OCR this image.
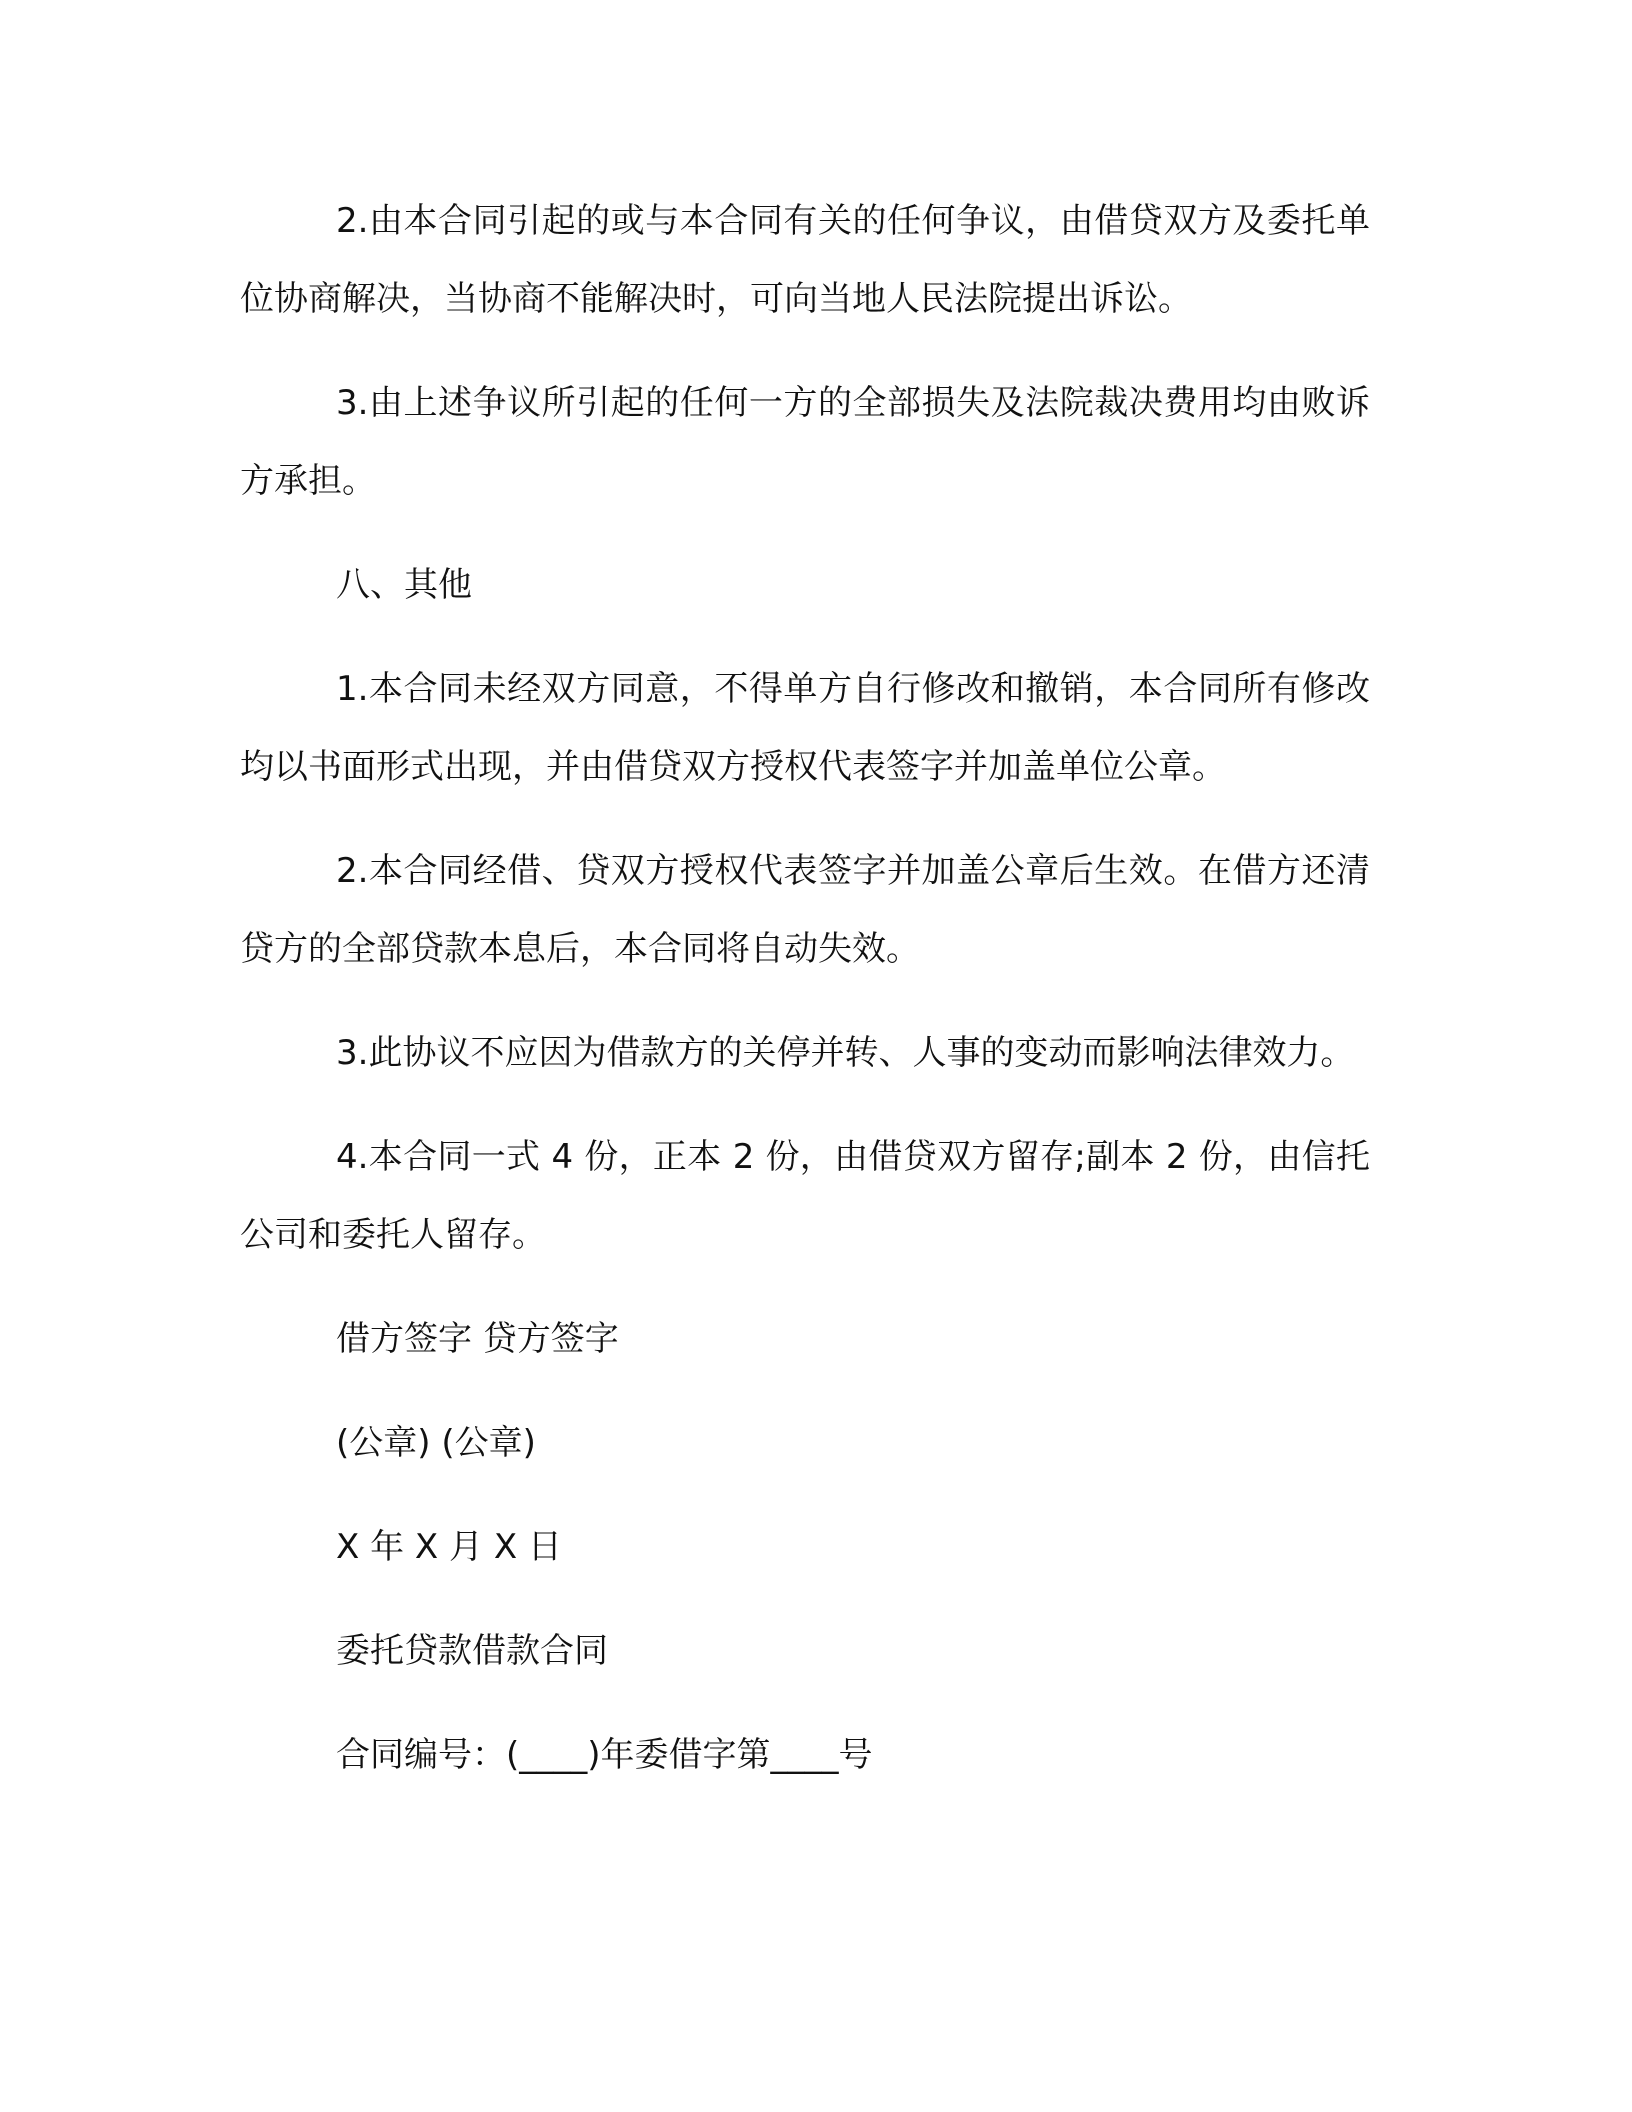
2.由本合同引起的或与本合同有关的任何争议，由借贷双方及委托单位协商解决，当协商不能解决时，可向当地人民法院提出诉讼。

3.由上述争议所引起的任何一方的全部损失及法院裁决费用均由败诉方承担。

八、其他

1.本合同未经双方同意，不得单方自行修改和撤销，本合同所有修改均以书面形式出现，并由借贷双方授权代表签字并加盖单位公章。

2.本合同经借、贷双方授权代表签字并加盖公章后生效。在借方还清贷方的全部贷款本息后，本合同将自动失效。

3.此协议不应因为借款方的关停并转、人事的变动而影响法律效力。

4.本合同一式 4 份，正本 2 份，由借贷双方留存;副本 2 份，由信托公司和委托人留存。

借方签字 贷方签字

(公章) (公章)

X 年 X 月 X 日

委托贷款借款合同

合同编号：(____)年委借字第____号
